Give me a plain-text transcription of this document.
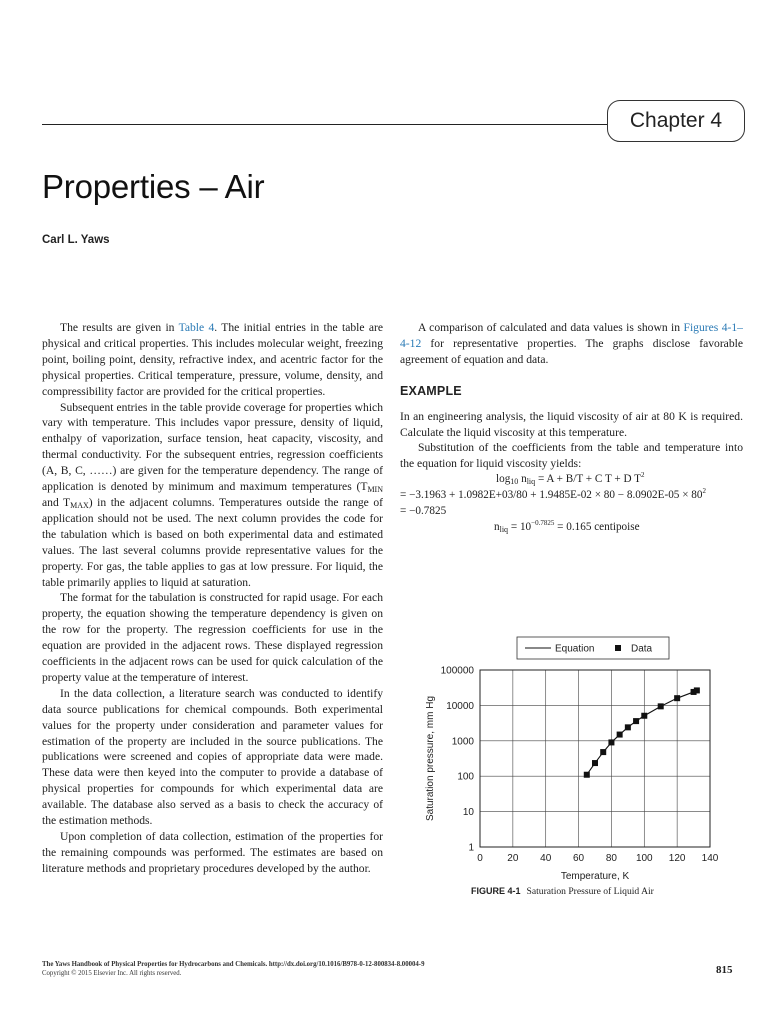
Chapter 4
Properties – Air
Carl L. Yaws

The results are given in Table 4. The initial entries in the table are physical and critical properties. This includes molecular weight, freezing point, boiling point, density, refractive index, and acentric factor for the physical properties. Critical temperature, pressure, volume, density, and compressibility factor are provided for the critical properties.

Subsequent entries in the table provide coverage for properties which vary with temperature. This includes vapor pressure, density of liquid, enthalpy of vaporization, surface tension, heat capacity, viscosity, and thermal conductivity. For the subsequent entries, regression coefficients (A, B, C, ……) are given for the temperature dependency. The range of application is denoted by minimum and maximum temperatures ($T_{MIN}$ and $T_{MAX}$) in the adjacent columns. Temperatures outside the range of application should not be used. The next column provides the code for the tabulation which is based on both experimental data and estimated values. The last several columns provide representative values for the property. For gas, the table applies to gas at low pressure. For liquid, the table primarily applies to liquid at saturation.

The format for the tabulation is constructed for rapid usage. For each property, the equation showing the temperature dependency is given on the row for the property. The regression coefficients for use in the equation are provided in the adjacent rows. These displayed regression coefficients in the adjacent rows can be used for quick calculation of the property value at the temperature of interest.

In the data collection, a literature search was conducted to identify data source publications for chemical compounds. Both experimental values for the property under consideration and parameter values for estimation of the property are included in the source publications. The publications were screened and copies of appropriate data were made. These data were then keyed into the computer to provide a database of physical properties for compounds for which experimental data are available. The database also served as a basis to check the accuracy of the estimation methods.

Upon completion of data collection, estimation of the properties for the remaining compounds was performed. The estimates are based on literature methods and proprietary procedures developed by the author.

A comparison of calculated and data values is shown in Figures 4-1–4-12 for representative properties. The graphs disclose favorable agreement of equation and data.

EXAMPLE

In an engineering analysis, the liquid viscosity of air at 80 K is required. Calculate the liquid viscosity at this temperature.

Substitution of the coefficients from the table and temperature into the equation for liquid viscosity yields:

$\log_{10} n_{liq} = A + B/T + C$ T + D $T^2$

= $-3.1963 + 1.0982E+03/80 + 1.9485E-02 \times 80 - 8.0902E-05 \times 80^2$

= −0.7825

$n_{liq} = 10^{-0.7825} = 0.165$ centipoise

0 20 40 60 80 100 120 140
1
10
100
1000
10000
100000
Temperature, K
Saturation pressure, mm Hg
Equation	Data
FIGURE 4-1 Saturation Pressure of Liquid Air
The Yaws Handbook of Physical Properties for Hydrocarbons and Chemicals. http://dx.doi.org/10.1016/B978-0-12-800834-8.00004-9
Copyright © 2015 Elsevier Inc. All rights reserved.	815
